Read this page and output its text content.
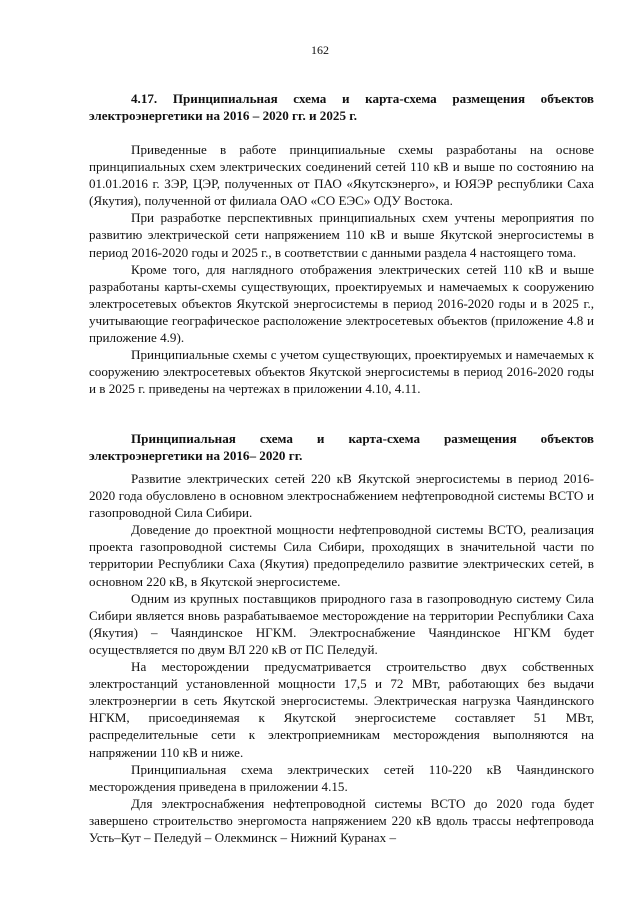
162

4.17. Принципиальная схема и карта-схема размещения объектов электроэнергетики на 2016 – 2020 гг. и 2025 г.

Приведенные в работе принципиальные схемы разработаны на основе принципиальных схем электрических соединений сетей 110 кВ и выше по состоянию на 01.01.2016 г. ЗЭР, ЦЭР, полученных от ПАО «Якутскэнерго», и ЮЯЭР республики Саха (Якутия), полученной от филиала ОАО «СО ЕЭС» ОДУ Востока.

При разработке перспективных принципиальных схем учтены мероприятия по развитию электрической сети напряжением 110 кВ и выше Якутской энергосистемы в период 2016-2020 годы и 2025 г., в соответствии с данными раздела 4 настоящего тома.

Кроме того, для наглядного отображения электрических сетей 110 кВ и выше разработаны карты-схемы существующих, проектируемых и намечаемых к сооружению электросетевых объектов Якутской энергосистемы в период 2016-2020 годы и в 2025 г., учитывающие географическое расположение электросетевых объектов (приложение 4.8 и приложение 4.9).

Принципиальные схемы с учетом существующих, проектируемых и намечаемых к сооружению электросетевых объектов Якутской энергосистемы в период 2016-2020 годы и в 2025 г. приведены на чертежах в приложении 4.10, 4.11.

Принципиальная схема и карта-схема размещения объектов электроэнергетики на 2016– 2020 гг.

Развитие электрических сетей 220 кВ Якутской энергосистемы в период 2016-2020 года обусловлено в основном электроснабжением нефтепроводной системы ВСТО и газопроводной Сила Сибири.

Доведение до проектной мощности нефтепроводной системы ВСТО, реализация проекта газопроводной системы Сила Сибири, проходящих в значительной части по территории Республики Саха (Якутия) предопределило развитие электрических сетей, в основном 220 кВ, в Якутской энергосистеме.

Одним из крупных поставщиков природного газа в газопроводную систему Сила Сибири является вновь разрабатываемое месторождение на территории Республики Саха (Якутия) – Чаяндинское НГКМ. Электроснабжение Чаяндинское НГКМ будет осуществляется по двум ВЛ 220 кВ от ПС Пеледуй.

На месторождении предусматривается строительство двух собственных электростанций установленной мощности 17,5 и 72 МВт, работающих без выдачи электроэнергии в сеть Якутской энергосистемы. Электрическая нагрузка Чаяндинского НГКМ, присоединяемая к Якутской энергосистеме составляет 51 МВт, распределительные сети к электроприемникам месторождения выполняются на напряжении 110 кВ и ниже.

Принципиальная схема электрических сетей 110-220 кВ Чаяндинского месторождения приведена в приложении 4.15.

Для электроснабжения нефтепроводной системы ВСТО до 2020 года будет завершено строительство энергомоста напряжением 220 кВ вдоль трассы нефтепровода Усть–Кут – Пеледуй – Олекминск – Нижний Куранах –
